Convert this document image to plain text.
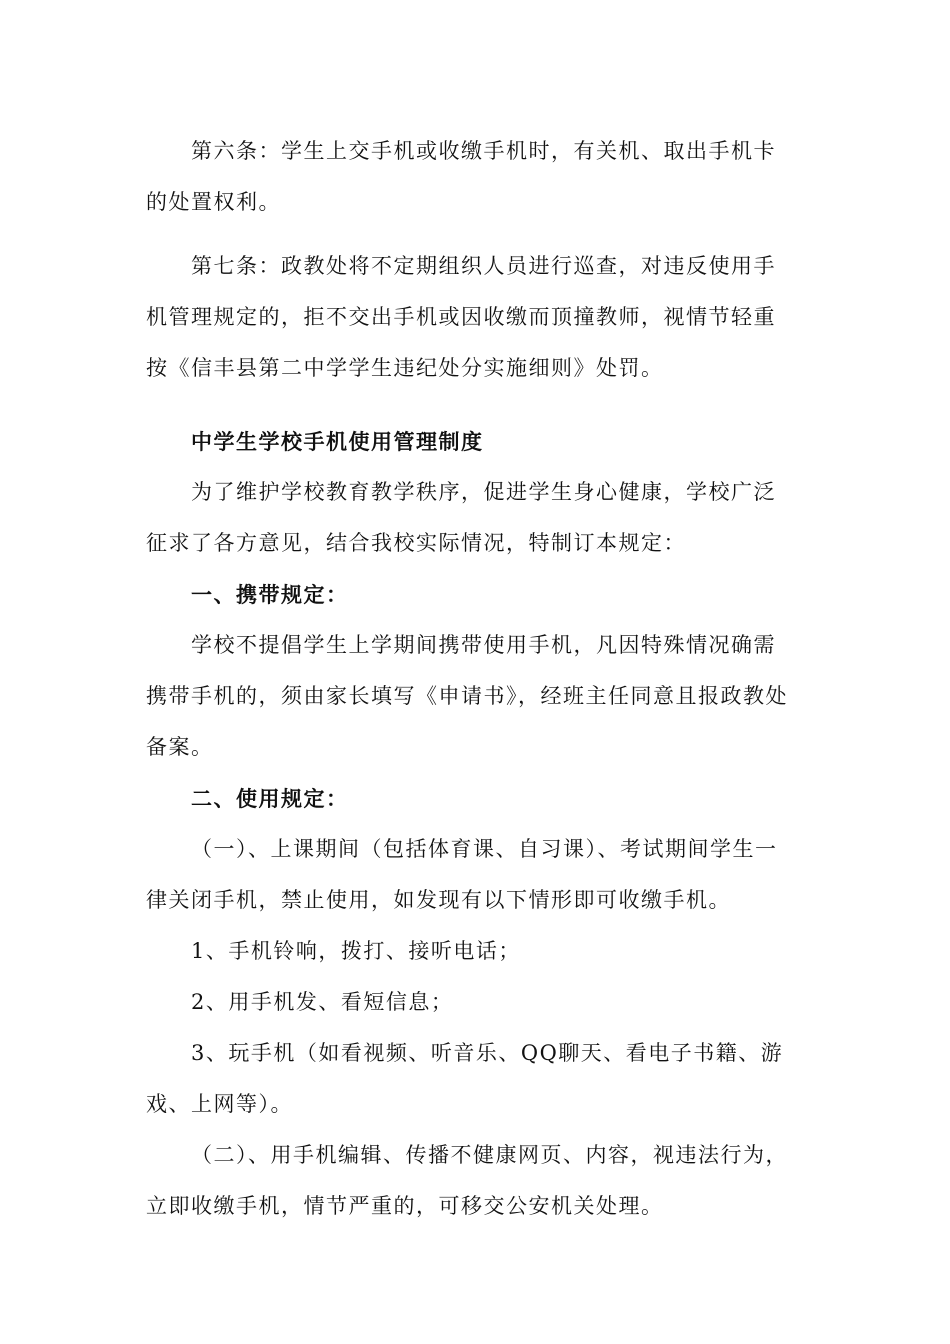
第六条：学生上交手机或收缴手机时，有关机、取出手机卡的处置权利。

第七条：政教处将不定期组织人员进行巡查，对违反使用手机管理规定的，拒不交出手机或因收缴而顶撞教师，视情节轻重按《信丰县第二中学学生违纪处分实施细则》处罚。

中学生学校手机使用管理制度

为了维护学校教育教学秩序，促进学生身心健康，学校广泛征求了各方意见，结合我校实际情况，特制订本规定：

一、携带规定：

学校不提倡学生上学期间携带使用手机，凡因特殊情况确需携带手机的，须由家长填写《申请书》，经班主任同意且报政教处备案。

二、使用规定：

（一）、上课期间（包括体育课、自习课）、考试期间学生一律关闭手机，禁止使用，如发现有以下情形即可收缴手机。

1、手机铃响，拨打、接听电话；

2、用手机发、看短信息；

3、玩手机（如看视频、听音乐、QQ聊天、看电子书籍、游戏、上网等）。

（二）、用手机编辑、传播不健康网页、内容，视违法行为，立即收缴手机，情节严重的，可移交公安机关处理。
